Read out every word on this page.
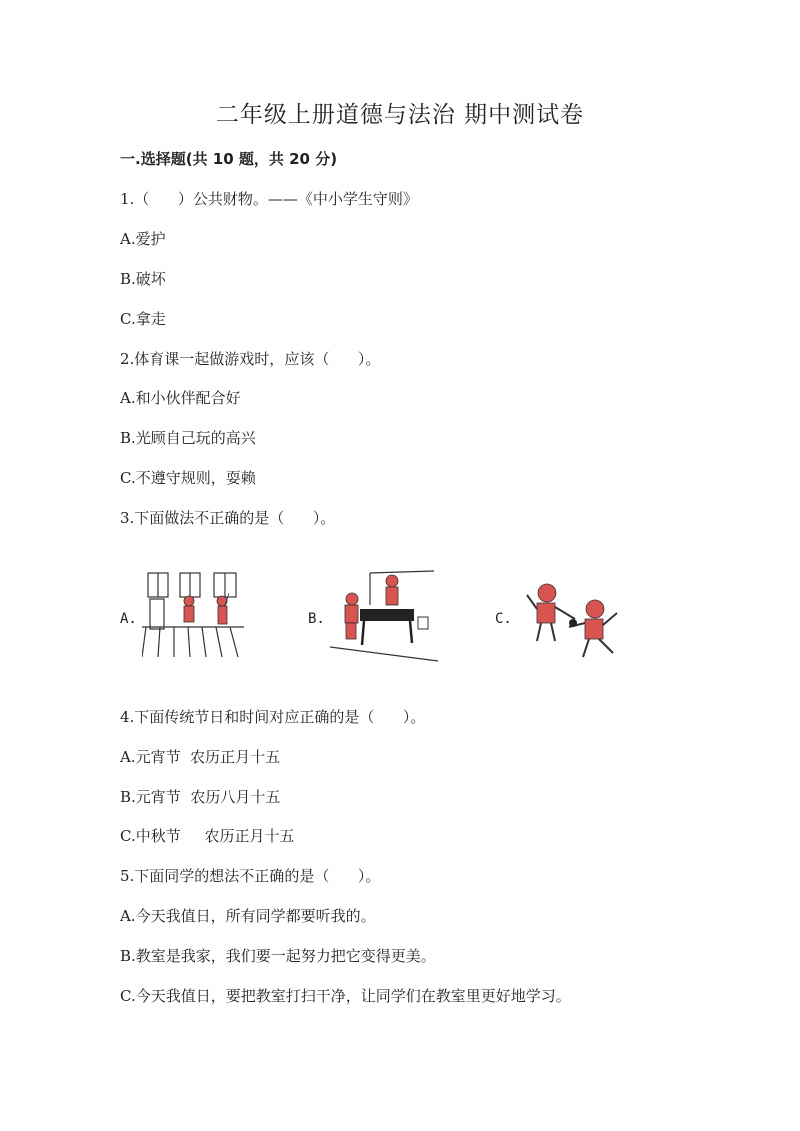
二年级上册道德与法治 期中测试卷
一.选择题(共 10 题，共 20 分)
1.（      ）公共财物。——《中小学生守则》
A.爱护
B.破坏
C.拿走
2.体育课一起做游戏时，应该（      ）。
A.和小伙伴配合好
B.光顾自己玩的高兴
C.不遵守规则，耍赖
3.下面做法不正确的是（      ）。
A.	B.	C.
4.下面传统节日和时间对应正确的是（      ）。
A.元宵节  农历正月十五
B.元宵节  农历八月十五
C.中秋节     农历正月十五
5.下面同学的想法不正确的是（      ）。
A.今天我值日，所有同学都要听我的。
B.教室是我家，我们要一起努力把它变得更美。
C.今天我值日，要把教室打扫干净，让同学们在教室里更好地学习。
